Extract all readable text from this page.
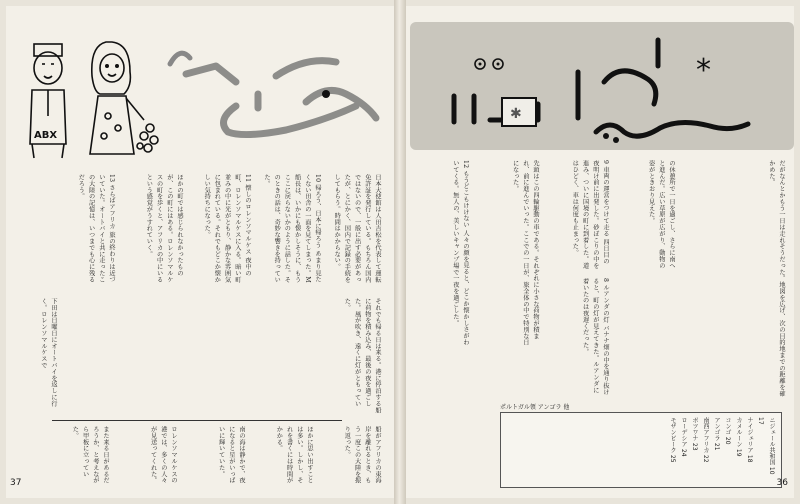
ABX
日本大使館は人田吉松を代表して運転免許証を発行している。もちろん国内ではないので、一般に出す必要があったが、とにかく、国内で記録の手続をしてもらう。時間はかからない。
10 帰ろう、日本に帰ろう あまり見たくない田舎の一面を見てしまった。M船長は、いかにも懐かしそうに、もうここに戻らないかのように話した。そのときの話は、奇妙な響きを持っていた。
11 懐しのロレンソマルケス 夜中の町、ロレンソマルケスに入る。暗い町並みの中に光がともり、静かな雰囲気に包まれている。それでもどこか懐かしい気持ちになった。
ほかの町では感じられなかったものが、この町にはある。ロレンソマルケスの町を歩くと、アフリカの中にいるという感覚がうすれていく。
13 さらばアフリカ 旅の終わりは近づいていた。オートバイと共に走ったこの大陸の記憶は、いつまでも心に残るだろう。
それでも帰る日は来る。港に停泊する船に荷物を積み込み、最後の夜を過ごした。風が吹き、遠くに灯がともっていた。
下田は日曜日にオートバイを返しに行く。ロレンソマルケスで
船がアフリカの東海岸を離れるとき、もう一度この大陸を振り返った。
ほかに思い出すことは多い。しかし、それを書くには時間がかかる。
南の海は静かで、夜になると星がいっぱいに輝いていた。
ロレンソマルケスの港では、多くの人々が見送ってくれた。
また来る日があるだろうか、と考えながら甲板に立っていた。
37
✱
*
12 もうどこもけけない 人々の顔を見ると、どこか懐かしさがわいてくる。無人の、美しいキャンプ場で一夜を過ごした。	先頭はこの四輪駆動の車である。それぞれに小さな荷物が積まれ、前に進んでいった。ここでの一日が、旅全体の中で特別な日になった。	9 車両の運営をつけて走る 四日目の夜明け前に出発した。砂ぼこりの中を進み、ついに国境の町に到着した。道はひどく、車は何度も止まった。
8 ルアンダの灯 バナナ畑の中を通り抜けると、町の灯が見えてきた。ルアンダに着いたのは夜遅くだった。
の休憩所で一日を過ごし、さらに南へと進んだ。広い草原が広がり、動物の姿がときおり見えた。	だがなんとかもう一日は走れそうだった。地図を広げ、次の目的地までの距離を確かめた。
ポルトガル領 アンゴラ 他
ニジェール共和国 10
17
ナイジェリア 18
カメルーン 19
コンゴ 20
アンゴラ 21
南西アフリカ 22
ボツワナ 23
ローデシア 24
モザンビーク 25
36
